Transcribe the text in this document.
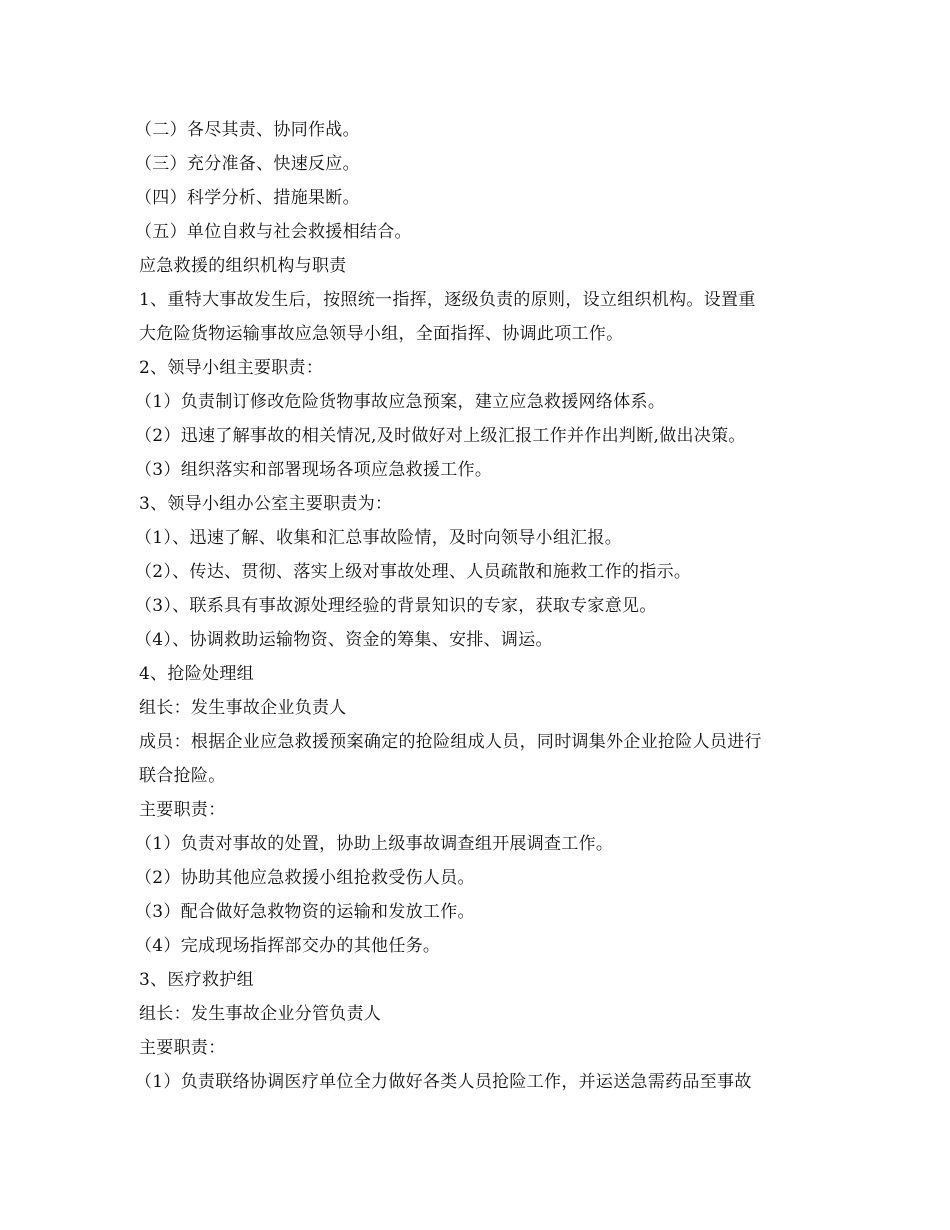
（二）各尽其责、协同作战。
（三）充分准备、快速反应。
（四）科学分析、措施果断。
（五）单位自救与社会救援相结合。
应急救援的组织机构与职责
1、重特大事故发生后，按照统一指挥，逐级负责的原则，设立组织机构。设置重
大危险货物运输事故应急领导小组，全面指挥、协调此项工作。
2、领导小组主要职责：
（1）负责制订修改危险货物事故应急预案，建立应急救援网络体系。
（2）迅速了解事故的相关情况,及时做好对上级汇报工作并作出判断,做出决策。
（3）组织落实和部署现场各项应急救援工作。
3、领导小组办公室主要职责为：
（1）、迅速了解、收集和汇总事故险情，及时向领导小组汇报。
（2）、传达、贯彻、落实上级对事故处理、人员疏散和施救工作的指示。
（3）、联系具有事故源处理经验的背景知识的专家，获取专家意见。
（4）、协调救助运输物资、资金的筹集、安排、调运。
4、抢险处理组
组长：发生事故企业负责人
成员：根据企业应急救援预案确定的抢险组成人员，同时调集外企业抢险人员进行
联合抢险。
主要职责：
（1）负责对事故的处置，协助上级事故调查组开展调查工作。
（2）协助其他应急救援小组抢救受伤人员。
（3）配合做好急救物资的运输和发放工作。
（4）完成现场指挥部交办的其他任务。
3、医疗救护组
组长：发生事故企业分管负责人
主要职责：
（1）负责联络协调医疗单位全力做好各类人员抢险工作，并运送急需药品至事故
